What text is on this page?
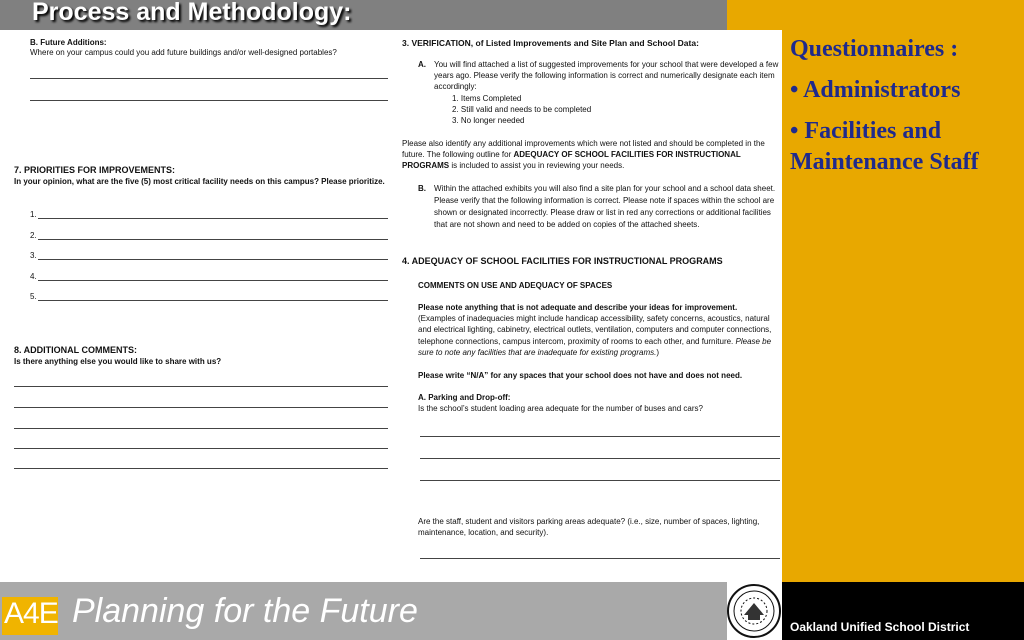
Process and Methodology:
B. Future Additions:
Where on your campus could you add future buildings and/or well-designed portables?
7. PRIORITIES FOR IMPROVEMENTS:
In your opinion, what are the five (5) most critical facility needs on this campus? Please prioritize.
1.
2.
3.
4.
5.
8. ADDITIONAL COMMENTS:
Is there anything else you would like to share with us?
3. VERIFICATION, of Listed Improvements and Site Plan and School Data:
A. You will find attached a list of suggested improvements for your school that were developed a few
years ago. Please verify the following information is correct and numerically designate each item
accordingly:
1. Items Completed
2. Still valid and needs to be completed
3. No longer needed
Please also identify any additional improvements which were not listed and should be completed in the
future. The following outline for ADEQUACY OF SCHOOL FACILITIES FOR INSTRUCTIONAL
PROGRAMS is included to assist you in reviewing your needs.
B. Within the attached exhibits you will also find a site plan for your school and a school data sheet.
Please verify that the following information is correct. Please note if spaces within the school are
shown or designated incorrectly. Please draw or list in red any corrections or additional facilities
that are not shown and need to be added on copies of the attached sheets.
4. ADEQUACY OF SCHOOL FACILITIES FOR INSTRUCTIONAL PROGRAMS
COMMENTS ON USE AND ADEQUACY OF SPACES
Please note anything that is not adequate and describe your ideas for improvement.
(Examples of inadequacies might include handicap accessibility, safety concerns, acoustics, natural
and electrical lighting, cabinetry, electrical outlets, ventilation, computers and computer connections,
telephone connections, campus intercom, proximity of rooms to each other, and furniture. Please be
sure to note any facilities that are inadequate for existing programs.)
Please write “N/A” for any spaces that your school does not have and does not need.
A. Parking and Drop-off:
Is the school’s student loading area adequate for the number of buses and cars?
Are the staff, student and visitors parking areas adequate? (i.e., size, number of spaces, lighting,
maintenance, location, and security).
Questionnaires :
• Administrators
• Facilities and
Maintenance Staff
A4E Planning for the Future	Oakland Unified School District
